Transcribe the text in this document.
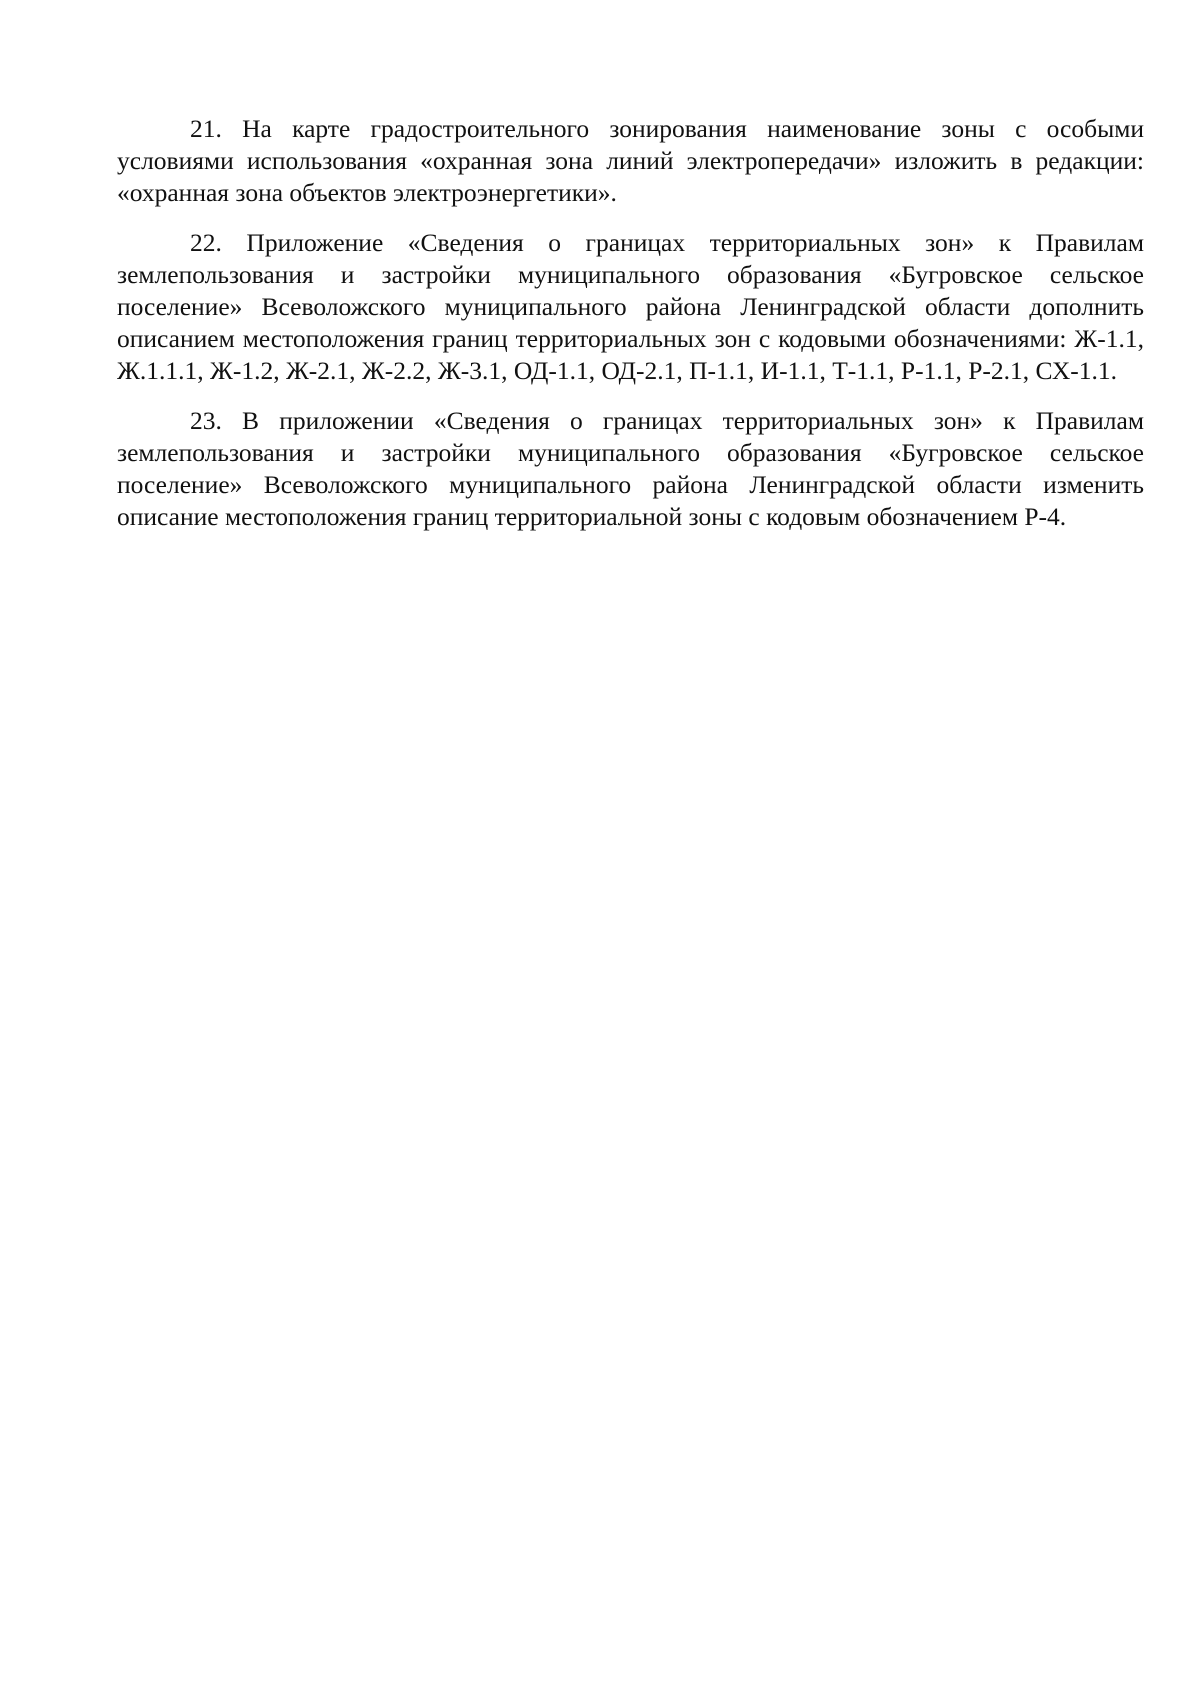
21. На карте градостроительного зонирования наименование зоны с особыми условиями использования «охранная зона линий электропередачи» изложить в редакции: «охранная зона объектов электроэнергетики».

22. Приложение «Сведения о границах территориальных зон» к Правилам землепользования и застройки муниципального образования «Бугровское сельское поселение» Всеволожского муниципального района Ленинградской области дополнить описанием местоположения границ территориальных зон с кодовыми обозначениями: Ж-1.1, Ж.1.1.1, Ж-1.2, Ж-2.1, Ж-2.2, Ж-3.1, ОД-1.1, ОД-2.1, П-1.1, И-1.1, Т-1.1, Р-1.1, Р-2.1, СХ-1.1.

23. В приложении «Сведения о границах территориальных зон» к Правилам землепользования и застройки муниципального образования «Бугровское сельское поселение» Всеволожского муниципального района Ленинградской области изменить описание местоположения границ территориальной зоны с кодовым обозначением Р-4.
